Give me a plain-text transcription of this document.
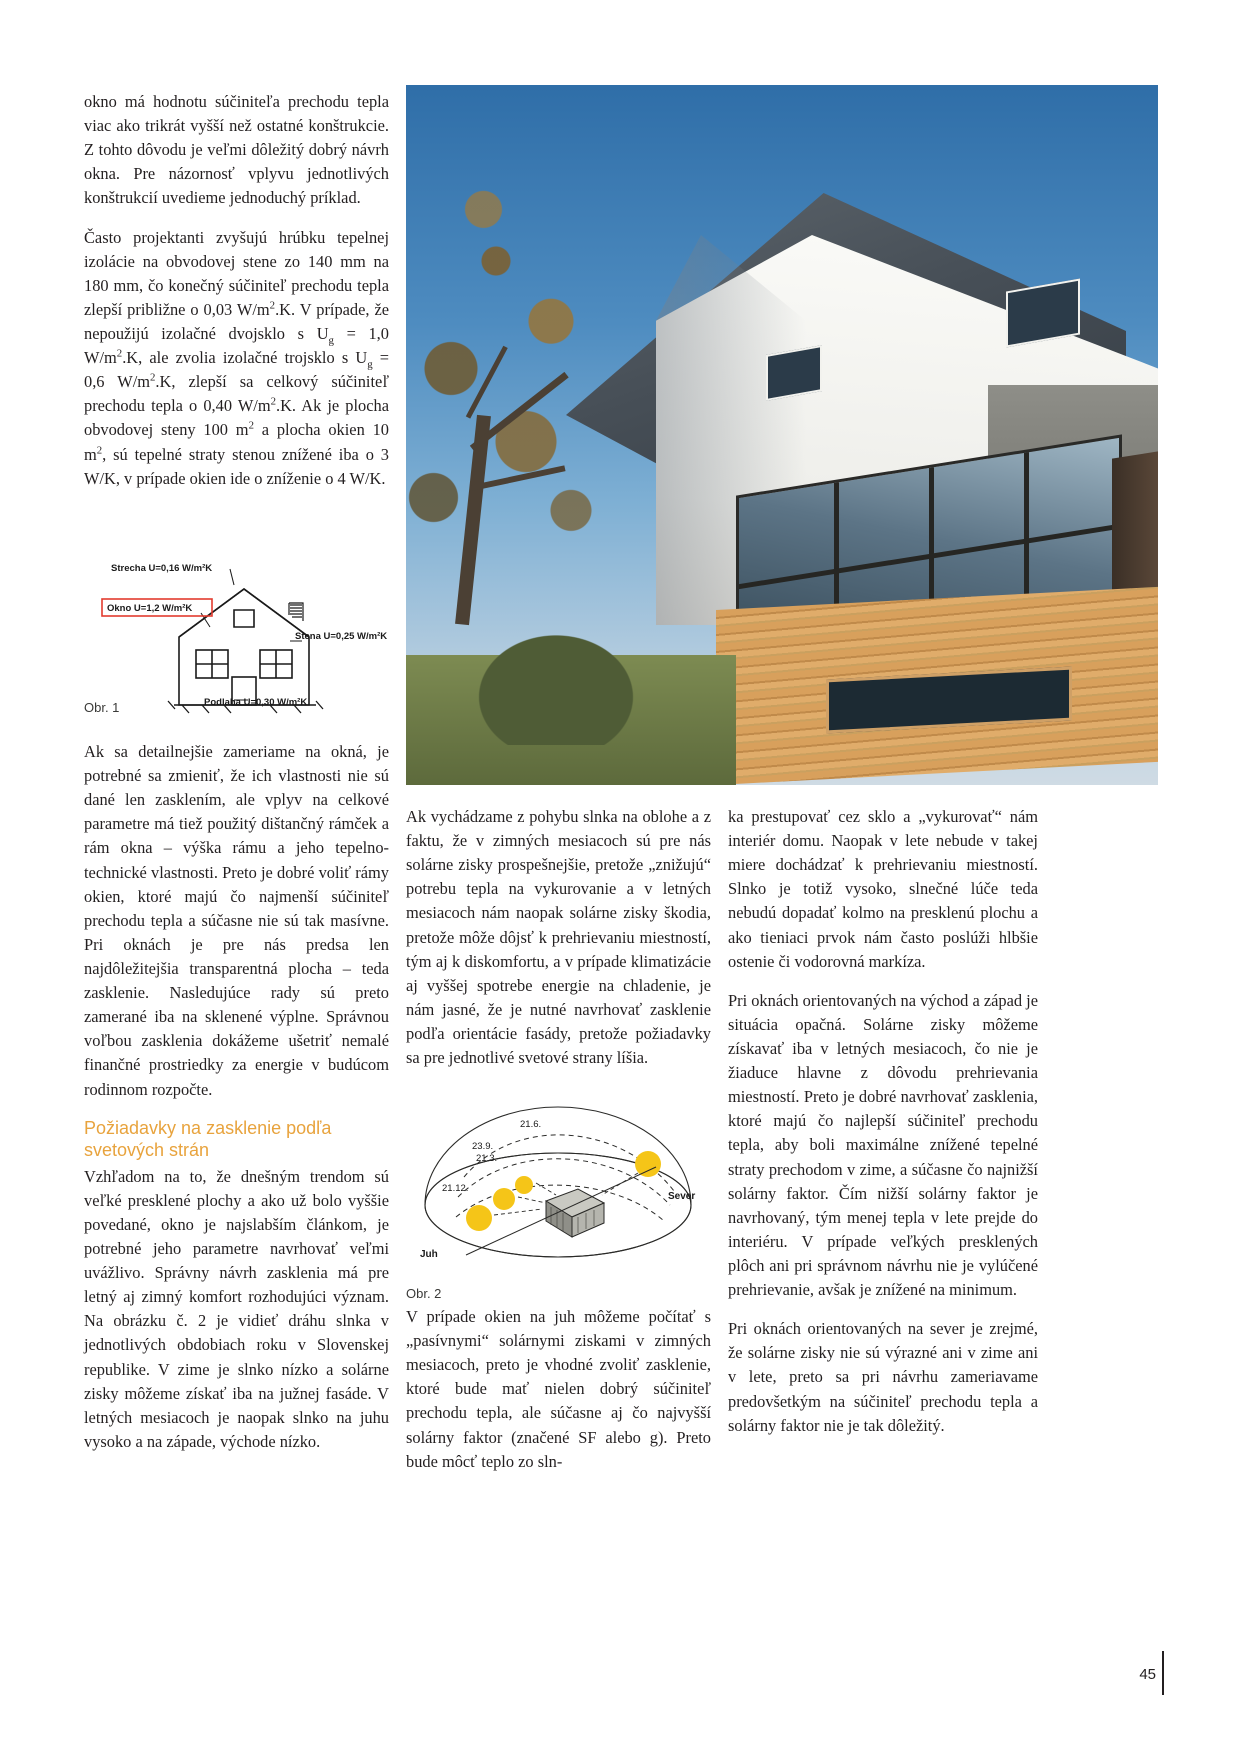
okno má hodnotu súčiniteľa prechodu tepla viac ako trikrát vyšší než ostatné konštrukcie. Z tohto dôvodu je veľmi dôležitý dobrý návrh okna. Pre názornosť vplyvu jednotlivých konštrukcií uvedieme jednoduchý príklad.

Často projektanti zvyšujú hrúbku tepelnej izolácie na obvodovej stene zo 140 mm na 180 mm, čo konečný súčiniteľ prechodu tepla zlepší približne o 0,03 $W/m^2.K$. V prípade, že nepoužijú izolačné dvojsklo s $U_g = 1,0$ $W/m^2.K$, ale zvolia izolačné trojsklo s $U_g = 0,6$ $W/m^2.K$, zlepší sa celkový súčiniteľ prechodu tepla o 0,40 $W/m^2.K$. Ak je plocha obvodovej steny 100 $m^2$ a plocha okien 10 $m^2$, sú tepelné straty stenou znížené iba o 3 W/K, v prípade okien ide o zníženie o 4 W/K.

Strecha U=0,16 W/m²K
Okno U=1,2 W/m²K
Stena U=0,25 W/m²K
Podlaha U=0,30 W/m²K
Obr. 1

Ak sa detailnejšie zameriame na okná, je potrebné sa zmieniť, že ich vlastnosti nie sú dané len zasklením, ale vplyv na celkové parametre má tiež použitý dištančný rámček a rám okna – výška rámu a jeho tepelno-technické vlastnosti. Preto je dobré voliť rámy okien, ktoré majú čo najmenší súčiniteľ prechodu tepla a súčasne nie sú tak masívne. Pri oknách je pre nás predsa len najdôležitejšia transparentná plocha – teda zasklenie. Nasledujúce rady sú preto zamerané iba na sklenené výplne. Správnou voľbou zasklenia dokážeme ušetriť nemalé finančné prostriedky za energie v budúcom rodinnom rozpočte.

Požiadavky na zasklenie podľa svetových strán

Vzhľadom na to, že dnešným trendom sú veľké presklené plochy a ako už bolo vyššie povedané, okno je najslabším článkom, je potrebné jeho parametre navrhovať veľmi uvážlivo. Správny návrh zasklenia má pre letný aj zimný komfort rozhodujúci význam. Na obrázku č. 2 je vidieť dráhu slnka v jednotlivých obdobiach roku v Slovenskej republike. V zime je slnko nízko a solárne zisky môžeme získať iba na južnej fasáde. V letných mesiacoch je naopak slnko na juhu vysoko a na západe, východe nízko.

Ak vychádzame z pohybu slnka na oblohe a z faktu, že v zimných mesiacoch sú pre nás solárne zisky prospešnejšie, pretože „znižujú“ potrebu tepla na vykurovanie a v letných mesiacoch nám naopak solárne zisky škodia, pretože môže dôjsť k prehrievaniu miestností, tým aj k diskomfortu, a v prípade klimatizácie aj vyššej spotrebe energie na chladenie, je nám jasné, že je nutné navrhovať zasklenie podľa orientácie fasády, pretože požiadavky sa pre jednotlivé svetové strany líšia.

21.6.
23.9.
21.3.
21.12.
Sever
Juh
Obr. 2

V prípade okien na juh môžeme počítať s „pasívnymi“ solárnymi ziskami v zimných mesiacoch, preto je vhodné zvoliť zasklenie, ktoré bude mať nielen dobrý súčiniteľ prechodu tepla, ale súčasne aj čo najvyšší solárny faktor (značené SF alebo g). Preto bude môcť teplo zo sln-

ka prestupovať cez sklo a „vykurovať“ nám interiér domu. Naopak v lete nebude v takej miere dochádzať k prehrievaniu miestností. Slnko je totiž vysoko, slnečné lúče teda nebudú dopadať kolmo na presklenú plochu a ako tieniaci prvok nám často poslúži hlbšie ostenie či vodorovná markíza.

Pri oknách orientovaných na východ a západ je situácia opačná. Solárne zisky môžeme získavať iba v letných mesiacoch, čo nie je žiaduce hlavne z dôvodu prehrievania miestností. Preto je dobré navrhovať zasklenia, ktoré majú čo najlepší súčiniteľ prechodu tepla, aby boli maximálne znížené tepelné straty prechodom v zime, a súčasne čo najnižší solárny faktor. Čím nižší solárny faktor je navrhovaný, tým menej tepla v lete prejde do interiéru. V prípade veľkých presklených plôch ani pri správnom návrhu nie je vylúčené prehrievanie, avšak je znížené na minimum.

Pri oknách orientovaných na sever je zrejmé, že solárne zisky nie sú výrazné ani v zime ani v lete, preto sa pri návrhu zameriavame predovšetkým na súčiniteľ prechodu tepla a solárny faktor nie je tak dôležitý.

45
